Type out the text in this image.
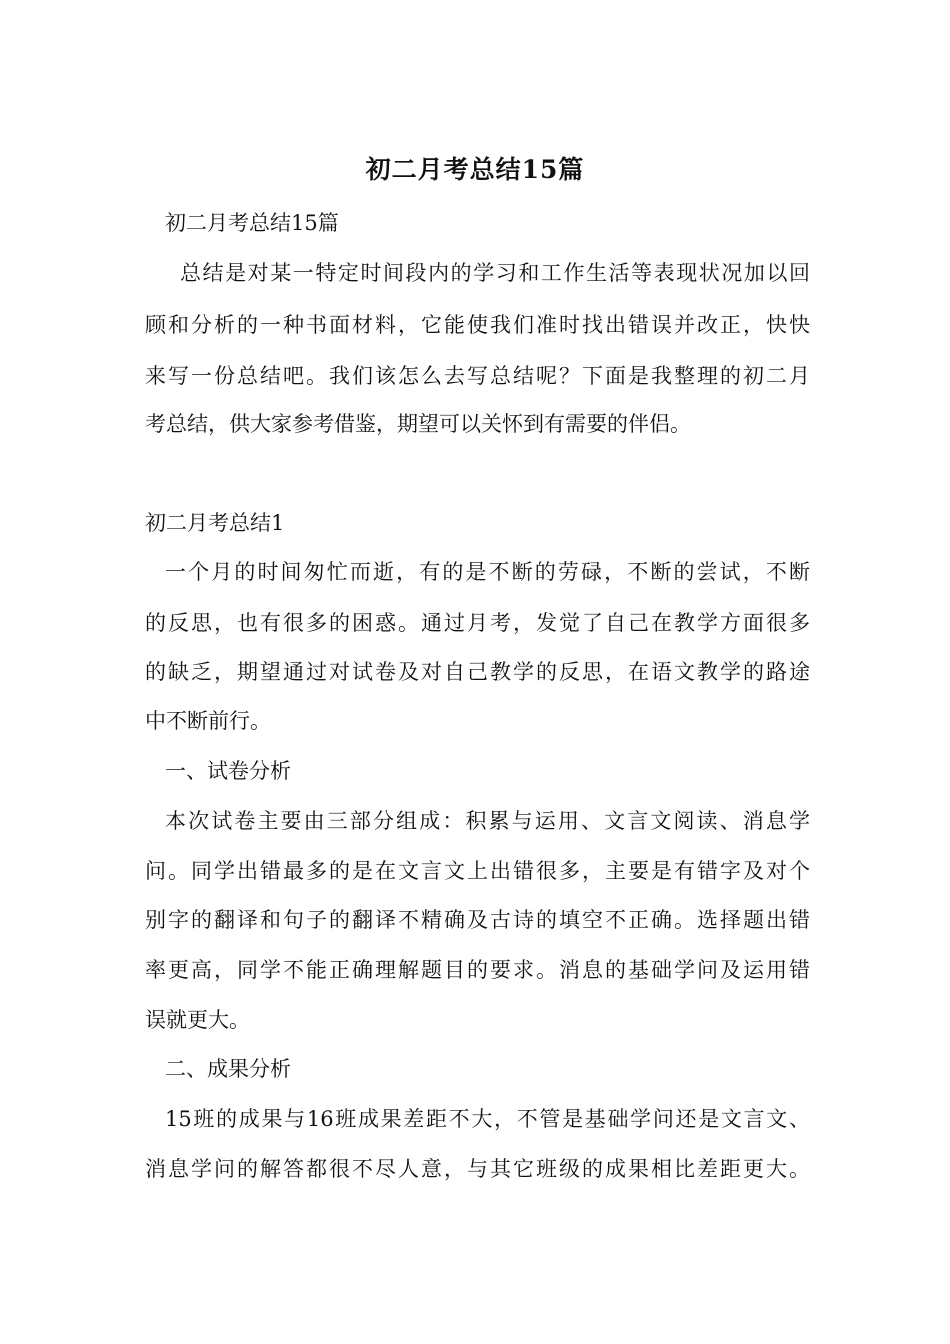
初二月考总结15篇
初二月考总结15篇
总结是对某一特定时间段内的学习和工作生活等表现状况加以回
顾和分析的一种书面材料，它能使我们准时找出错误并改正，快快
来写一份总结吧。我们该怎么去写总结呢？下面是我整理的初二月
考总结，供大家参考借鉴，期望可以关怀到有需要的伴侣。
初二月考总结1
一个月的时间匆忙而逝，有的是不断的劳碌，不断的尝试，不断
的反思，也有很多的困惑。通过月考，发觉了自己在教学方面很多
的缺乏，期望通过对试卷及对自己教学的反思，在语文教学的路途
中不断前行。
一、试卷分析
本次试卷主要由三部分组成：积累与运用、文言文阅读、消息学
问。同学出错最多的是在文言文上出错很多，主要是有错字及对个
别字的翻译和句子的翻译不精确及古诗的填空不正确。选择题出错
率更高，同学不能正确理解题目的要求。消息的基础学问及运用错
误就更大。
二、成果分析
15班的成果与16班成果差距不大，不管是基础学问还是文言文、
消息学问的解答都很不尽人意，与其它班级的成果相比差距更大。
